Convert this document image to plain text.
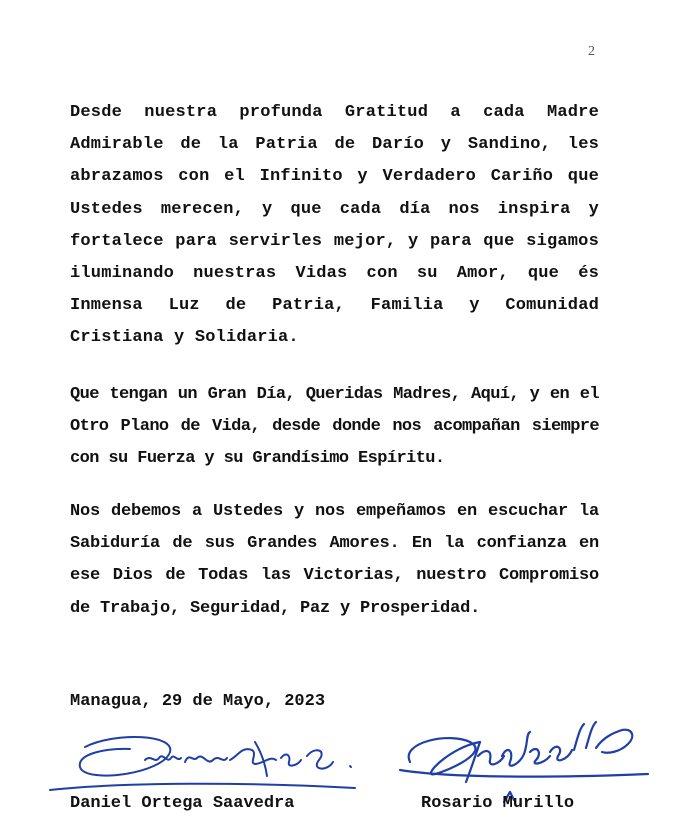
2

Desde nuestra profunda Gratitud a cada Madre Admirable de la Patria de Darío y Sandino, les abrazamos con el Infinito y Verdadero Cariño que Ustedes merecen, y que cada día nos inspira y fortalece para servirles mejor, y para que sigamos iluminando nuestras Vidas con su Amor, que és Inmensa Luz de Patria, Familia y Comunidad Cristiana y Solidaria.

Que tengan un Gran Día, Queridas Madres, Aquí, y en el Otro Plano de Vida, desde donde nos acompañan siempre con su Fuerza y su Grandísimo Espíritu.

Nos debemos a Ustedes y nos empeñamos en escuchar la Sabiduría de sus Grandes Amores. En la confianza en ese Dios de Todas las Victorias, nuestro Compromiso de Trabajo, Seguridad, Paz y Prosperidad.

Managua, 29 de Mayo, 2023

Daniel Ortega Saavedra	Rosario Murillo
